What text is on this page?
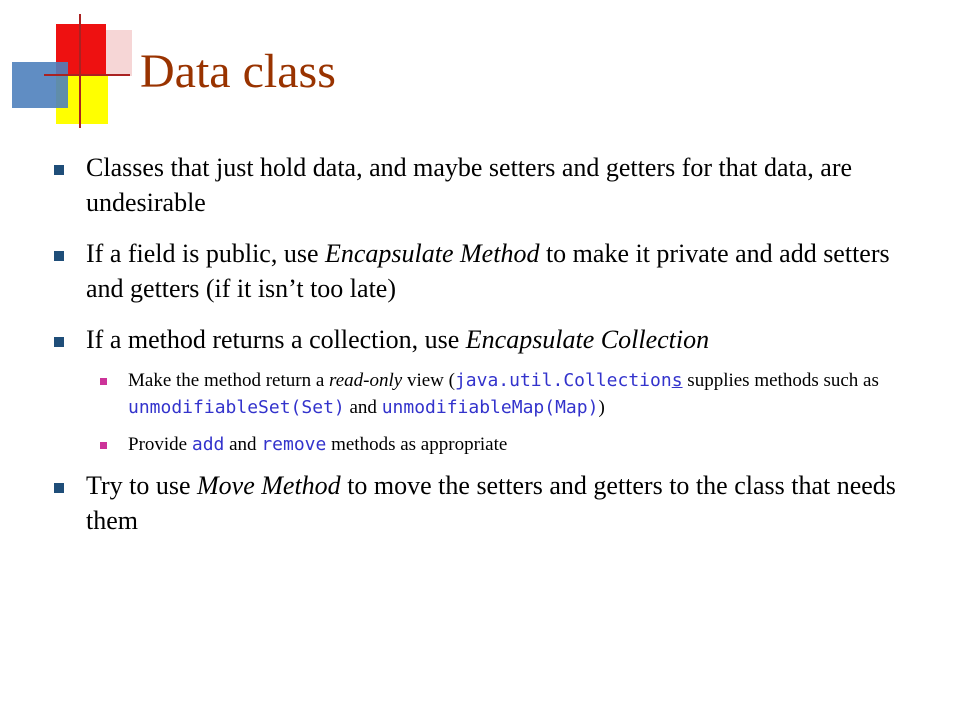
Data class
Classes that just hold data, and maybe setters and getters for that data, are undesirable
If a field is public, use Encapsulate Method to make it private and add setters and getters (if it isn’t too late)
If a method returns a collection, use Encapsulate Collection
Make the method return a read-only view (java.util.Collections supplies methods such as unmodifiableSet(Set) and unmodifiableMap(Map))
Provide add and remove methods as appropriate
Try to use Move Method to move the setters and getters to the class that needs them
